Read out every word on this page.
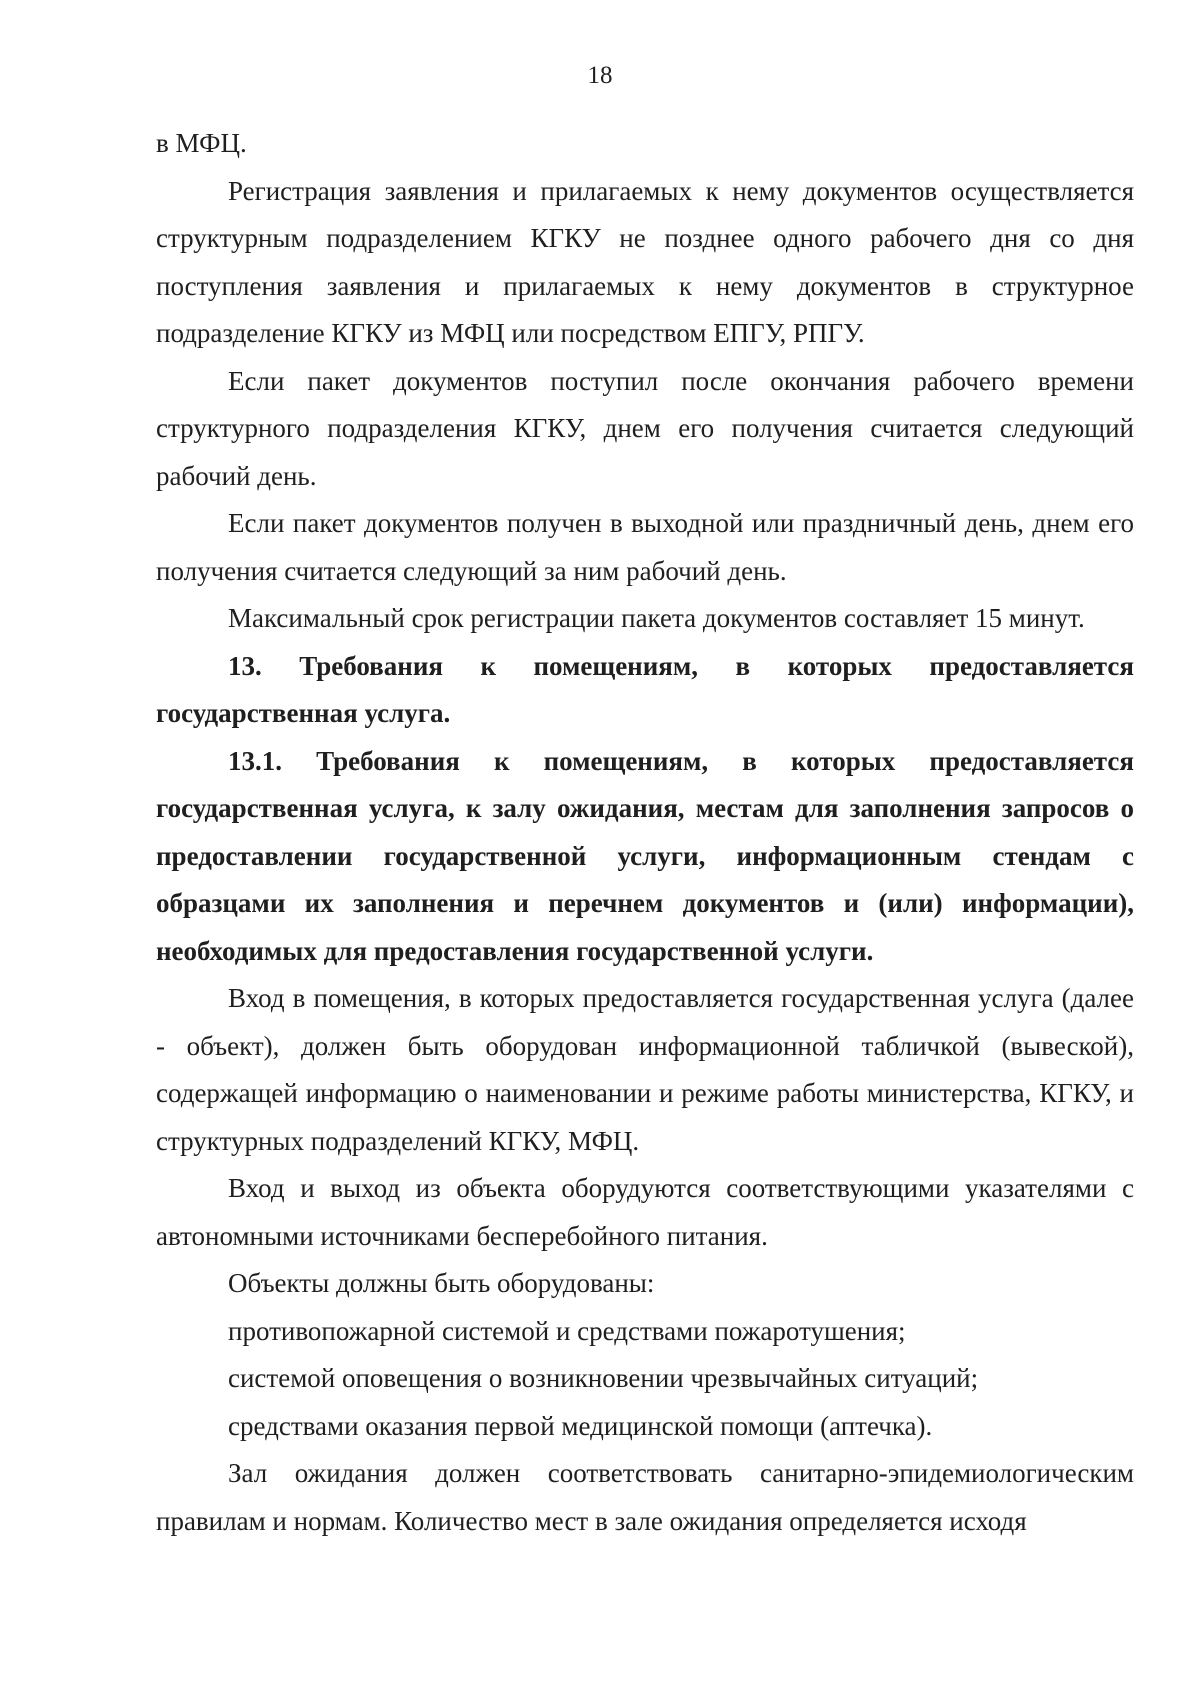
18

в МФЦ.

Регистрация заявления и прилагаемых к нему документов осуществляется структурным подразделением КГКУ не позднее одного рабочего дня со дня поступления заявления и прилагаемых к нему документов в структурное подразделение КГКУ из МФЦ или посредством ЕПГУ, РПГУ.

Если пакет документов поступил после окончания рабочего времени структурного подразделения КГКУ, днем его получения считается следующий рабочий день.

Если пакет документов получен в выходной или праздничный день, днем его получения считается следующий за ним рабочий день.

Максимальный срок регистрации пакета документов составляет 15 минут.

13. Требования к помещениям, в которых предоставляется государственная услуга.

13.1. Требования к помещениям, в которых предоставляется государственная услуга, к залу ожидания, местам для заполнения запросов о предоставлении государственной услуги, информационным стендам с образцами их заполнения и перечнем документов и (или) информации), необходимых для предоставления государственной услуги.

Вход в помещения, в которых предоставляется государственная услуга (далее - объект), должен быть оборудован информационной табличкой (вывеской), содержащей информацию о наименовании и режиме работы министерства, КГКУ, и структурных подразделений КГКУ, МФЦ.

Вход и выход из объекта оборудуются соответствующими указателями с автономными источниками бесперебойного питания.

Объекты должны быть оборудованы:

противопожарной системой и средствами пожаротушения;

системой оповещения о возникновении чрезвычайных ситуаций;

средствами оказания первой медицинской помощи (аптечка).

Зал ожидания должен соответствовать санитарно-эпидемиологическим правилам и нормам. Количество мест в зале ожидания определяется исходя
